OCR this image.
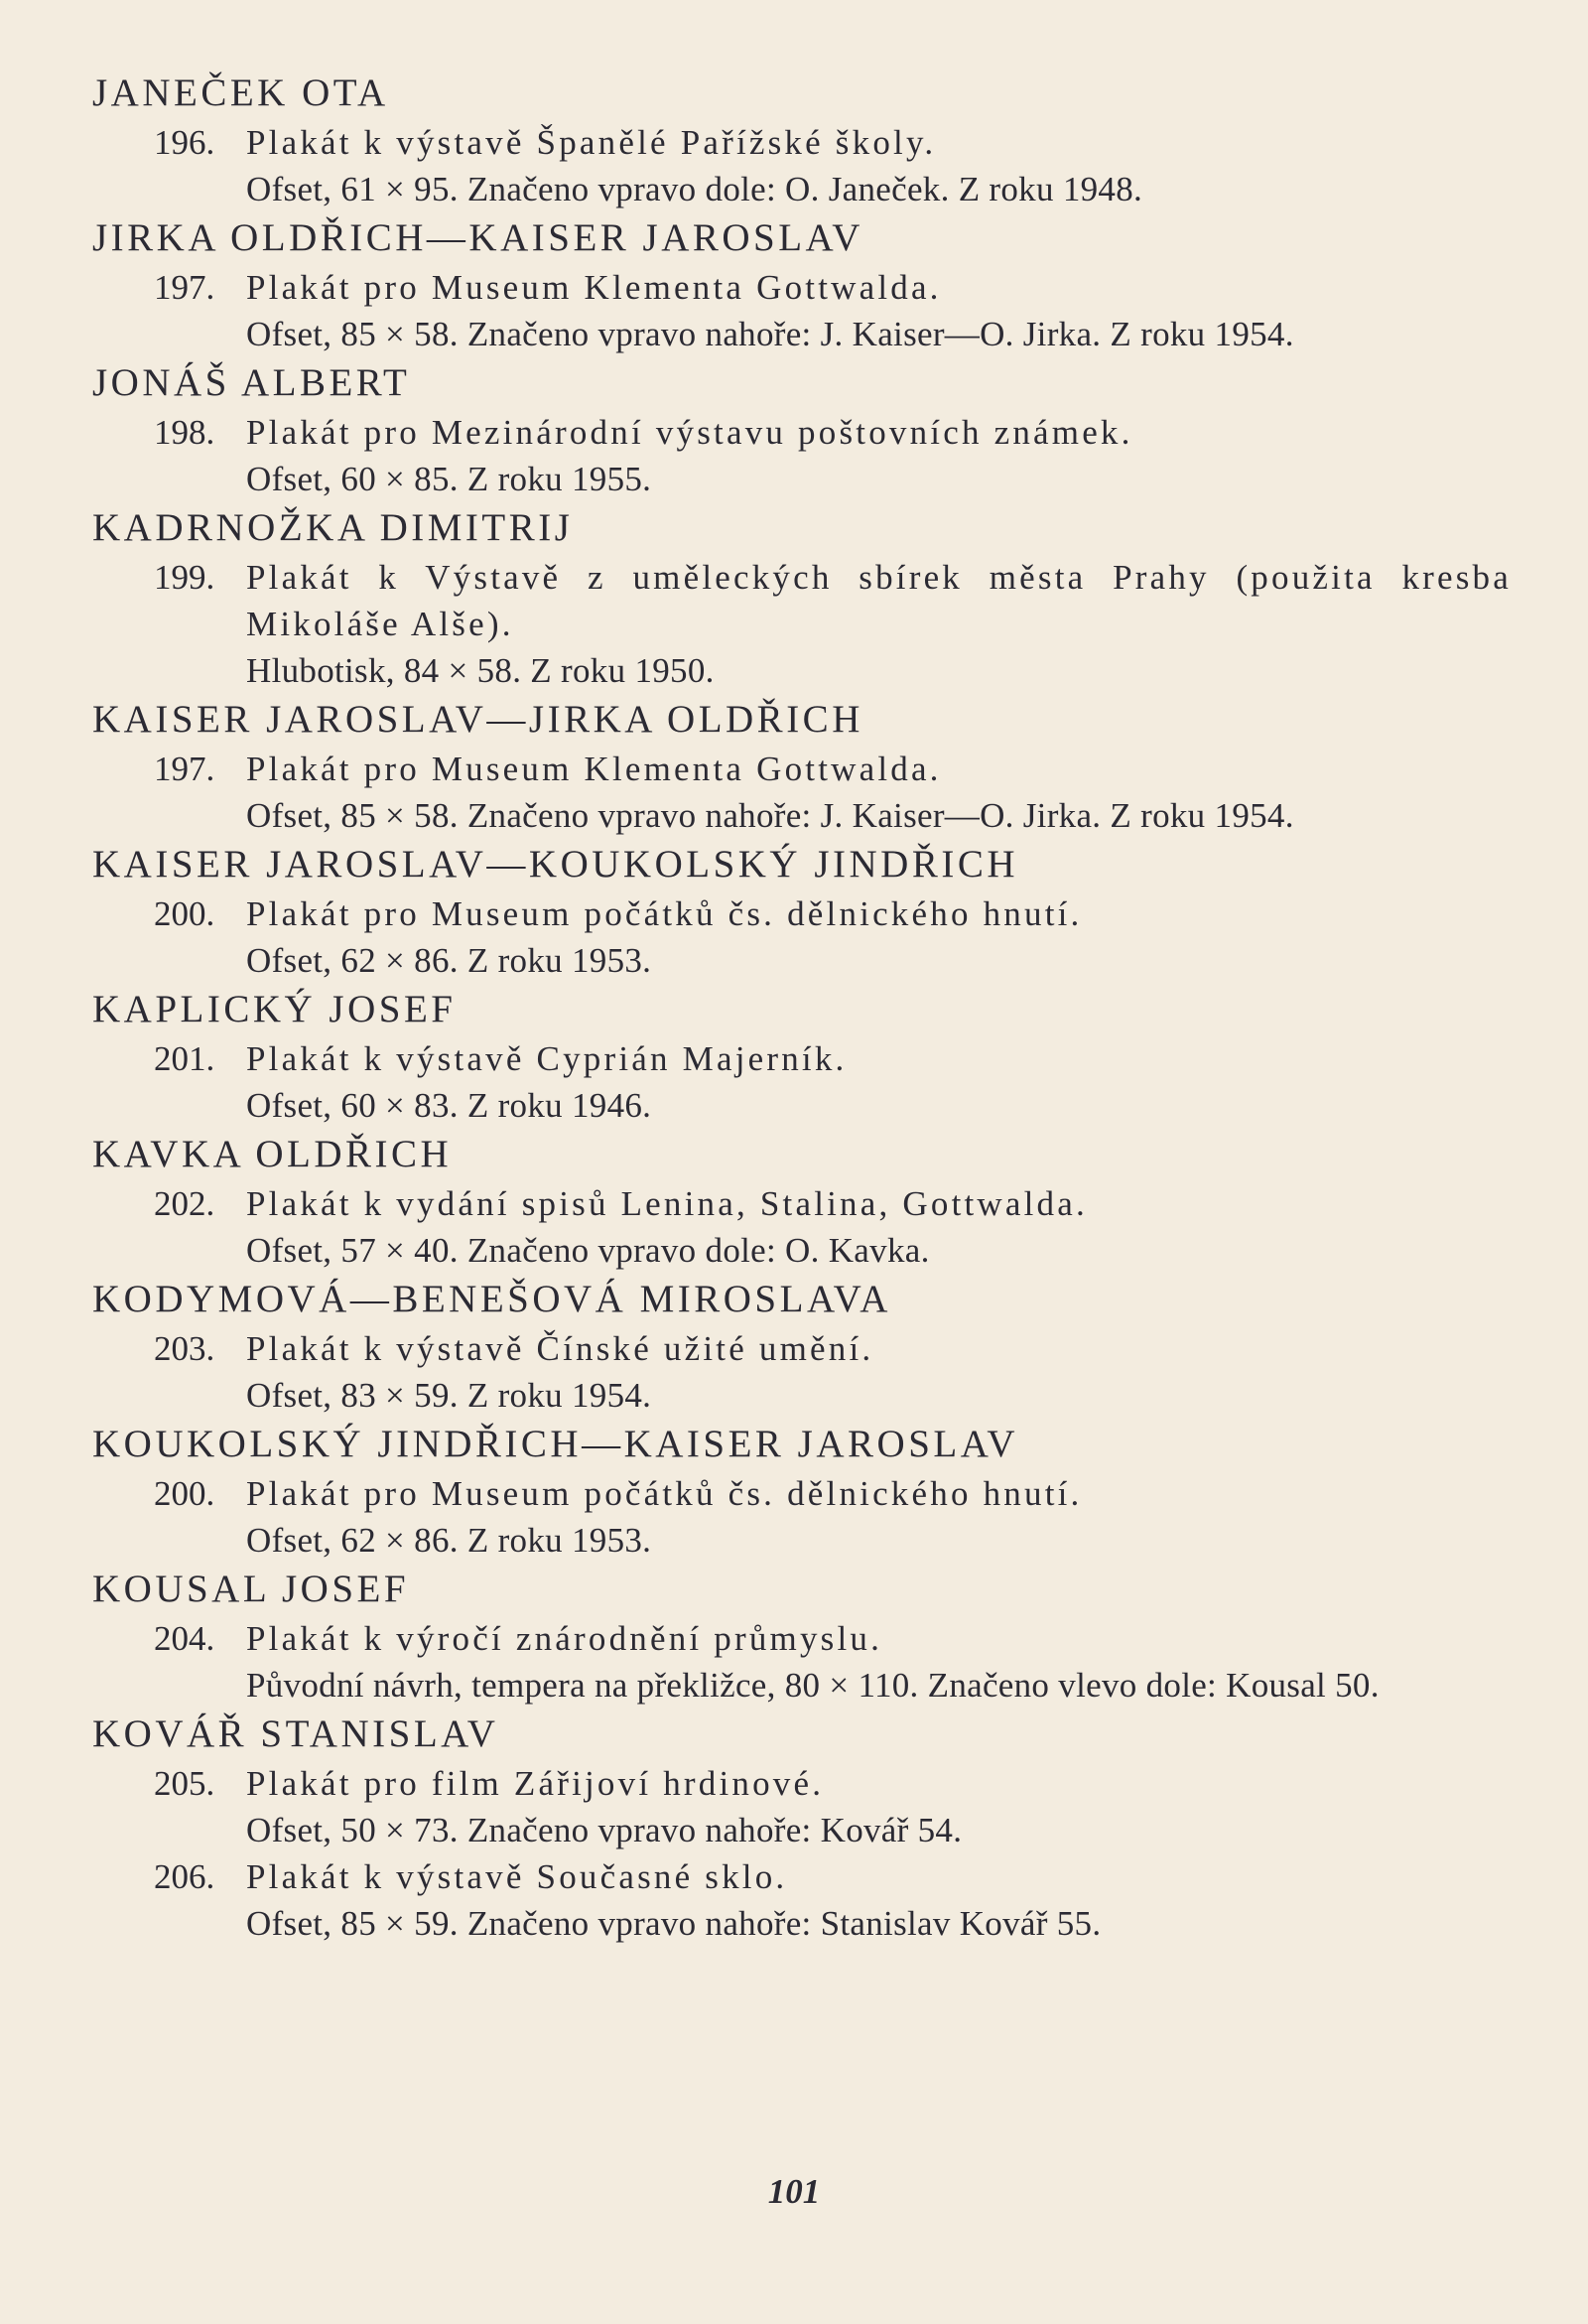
JANEČEK OTA
196. Plakát k výstavě Španělé Pařížské školy.
Ofset, 61 × 95. Značeno vpravo dole: O. Janeček. Z roku 1948.
JIRKA OLDŘICH—KAISER JAROSLAV
197. Plakát pro Museum Klementa Gottwalda.
Ofset, 85 × 58. Značeno vpravo nahoře: J. Kaiser—O. Jirka. Z roku 1954.
JONÁŠ ALBERT
198. Plakát pro Mezinárodní výstavu poštovních známek.
Ofset, 60 × 85. Z roku 1955.
KADRNOŽKA DIMITRIJ
199. Plakát k Výstavě z uměleckých sbírek města Prahy (použita kresba Mikoláše Alše).
Hlubotisk, 84 × 58. Z roku 1950.
KAISER JAROSLAV—JIRKA OLDŘICH
197. Plakát pro Museum Klementa Gottwalda.
Ofset, 85 × 58. Značeno vpravo nahoře: J. Kaiser—O. Jirka. Z roku 1954.
KAISER JAROSLAV—KOUKOLSKÝ JINDŘICH
200. Plakát pro Museum počátků čs. dělnického hnutí.
Ofset, 62 × 86. Z roku 1953.
KAPLICKÝ JOSEF
201. Plakát k výstavě Cyprián Majerník.
Ofset, 60 × 83. Z roku 1946.
KAVKA OLDŘICH
202. Plakát k vydání spisů Lenina, Stalina, Gottwalda.
Ofset, 57 × 40. Značeno vpravo dole: O. Kavka.
KODYMOVÁ—BENEŠOVÁ MIROSLAVA
203. Plakát k výstavě Čínské užité umění.
Ofset, 83 × 59. Z roku 1954.
KOUKOLSKÝ JINDŘICH—KAISER JAROSLAV
200. Plakát pro Museum počátků čs. dělnického hnutí.
Ofset, 62 × 86. Z roku 1953.
KOUSAL JOSEF
204. Plakát k výročí znárodnění průmyslu.
Původní návrh, tempera na překližce, 80 × 110. Značeno vlevo dole: Kousal 50.
KOVÁŘ STANISLAV
205. Plakát pro film Zářijoví hrdinové.
Ofset, 50 × 73. Značeno vpravo nahoře: Kovář 54.
206. Plakát k výstavě Současné sklo.
Ofset, 85 × 59. Značeno vpravo nahoře: Stanislav Kovář 55.
101
